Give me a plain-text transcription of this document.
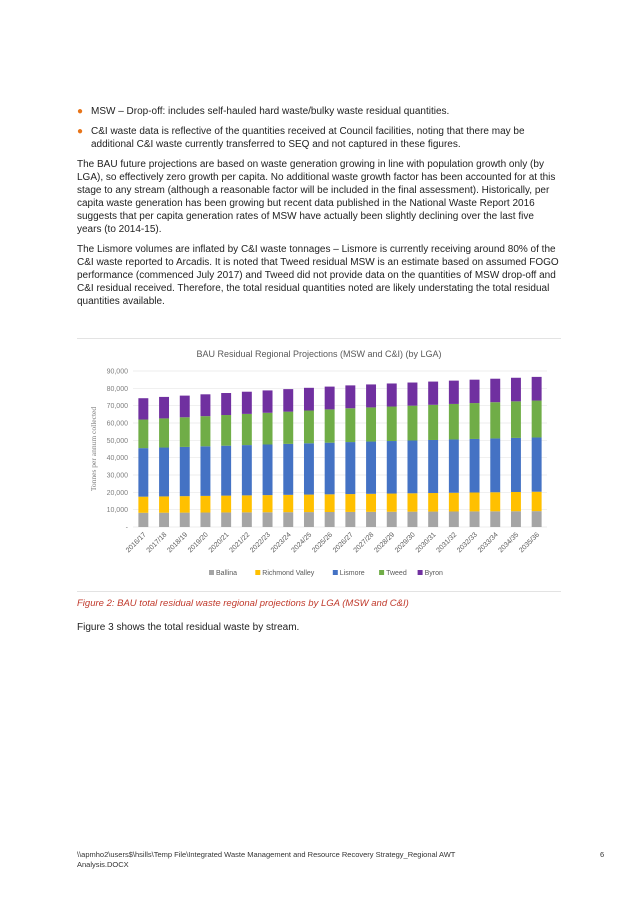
● MSW – Drop-off: includes self-hauled hard waste/bulky waste residual quantities.
● C&I waste data is reflective of the quantities received at Council facilities, noting that there may be additional C&I waste currently transferred to SEQ and not captured in these figures.

The BAU future projections are based on waste generation growing in line with population growth only (by LGA), so effectively zero growth per capita. No additional waste growth factor has been accounted for at this stage to any stream (although a reasonable factor will be included in the final assessment). Historically, per capita waste generation has been growing but recent data published in the National Waste Report 2016 suggests that per capita generation rates of MSW have actually been slightly declining over the last five years (to 2014-15).

The Lismore volumes are inflated by C&I waste tonnages – Lismore is currently receiving around 80% of the C&I waste reported to Arcadis. It is noted that Tweed residual MSW is an estimate based on assumed FOGO performance (commenced July 2017) and Tweed did not provide data on the quantities of MSW drop-off and C&I residual received. Therefore, the total residual quantities noted are likely understating the total residual quantities available.

BAU Residual Regional Projections (MSW and C&I) (by LGA)
-
10,000
20,000
30,000
40,000
50,000
60,000
70,000
80,000
90,000
Tonnes per annum collected
2016/17
2017/18
2018/19
2019/20
2020/21
2021/22
2022/23
2023/24
2024/25
2025/26
2026/27
2027/28
2028/29
2029/30
2030/31
2031/32
2032/33
2033/34
2034/35
2035/36
Ballina	Richmond Valley	Lismore	Tweed	Byron
Figure 2: BAU total residual waste regional projections by LGA (MSW and C&I)
Figure 3 shows the total residual waste by stream.
\\apmho2\users$\hsills\Temp File\Integrated Waste Management and Resource Recovery Strategy_Regional AWT Analysis.DOCX
6
